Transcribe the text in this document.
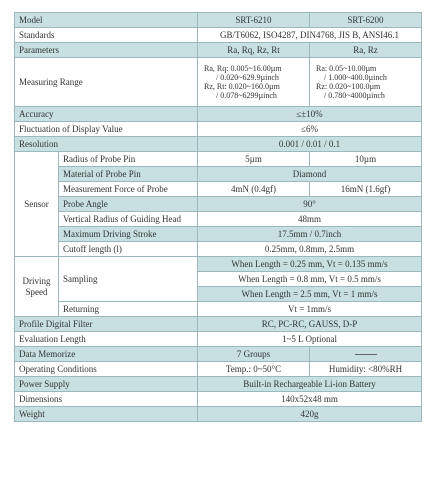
Model		SRT-6210	SRT-6200
Standards		GB/T6062, ISO4287, DIN4768, JIS B, ANSI46.1	
Parameters		Ra, Rq, Rz, Rt	Ra, Rz
Measuring Range		Ra, Rq: 0.005~16.00µm
/ 0.020~629.9µinch
Rz, Rt: 0.020~160.0µm
/ 0.078~6299µinch	Ra: 0.05~10.00µm
/ 1.000~400.0µinch
Rz: 0.020~100.0µm
/ 0.780~4000µinch

Accuracy		≤±10%	
Fluctuation of Display Value		≤6%	
Resolution		0.001 / 0.01 / 0.1	
Sensor	Radius of Probe Pin	5µm	10µm
	Material of Probe Pin	Diamond	
	Measurement Force of Probe	4mN (0.4gf)	16mN (1.6gf)
	Probe Angle	90°	
	Vertical Radius of Guiding Head	48mm	
	Maximum Driving Stroke	17.5mm / 0.7inch	
	Cutoff length (l)	0.25mm, 0.8mm, 2.5mm	
Driving
Speed	Sampling	When Length = 0.25 mm, Vt = 0.135 mm/s	
		When Length = 0.8 mm, Vt = 0.5 mm/s	
		When Length = 2.5 mm, Vt = 1 mm/s	
	Returning	Vt = 1mm/s	
Profile Digital Filter		RC, PC-RC, GAUSS, D-P	
Evaluation Length		1~5 L Optional	
Data Memorize		7 Groups	
Operating Conditions		Temp.: 0~50°C	Humidity: <80%RH
Power Supply		Built-in Rechargeable Li-ion Battery	
Dimensions		140x52x48 mm	
Weight		420g	
